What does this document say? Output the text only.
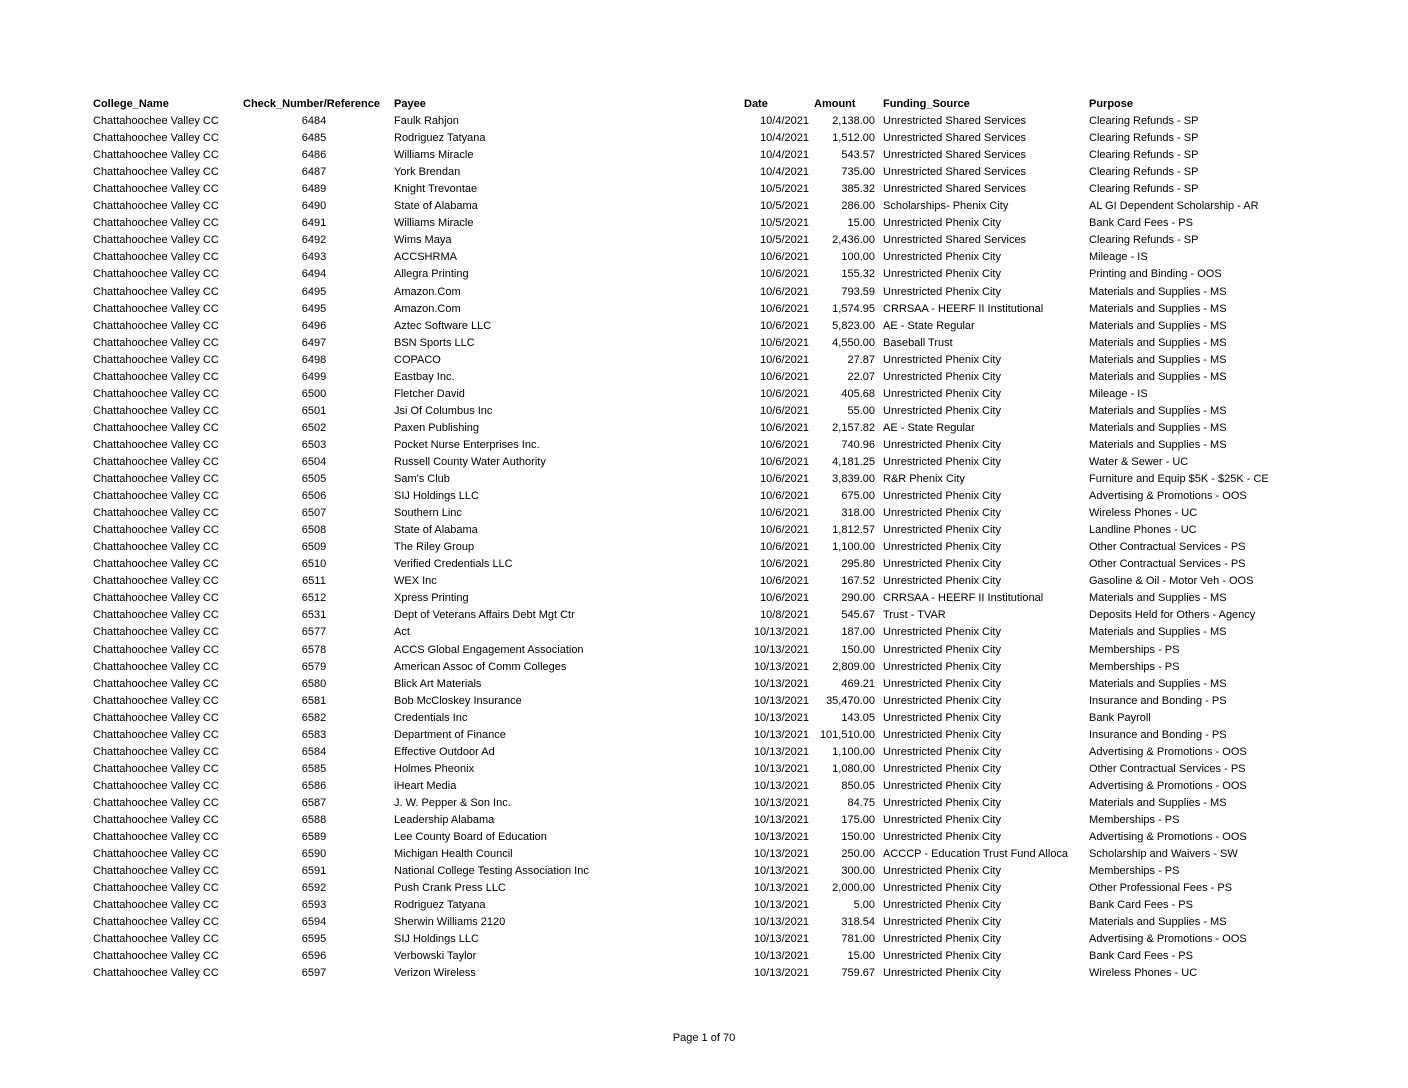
College_Name	Check_Number/Reference	Payee	Date	Amount	Funding_Source	Purpose
Chattahoochee Valley CC	6484	Faulk Rahjon	10/4/2021	2,138.00 Unrestricted Shared Services	Clearing Refunds - SP
Chattahoochee Valley CC	6485	Rodriguez Tatyana	10/4/2021	1,512.00 Unrestricted Shared Services	Clearing Refunds - SP
Chattahoochee Valley CC	6486	Williams Miracle	10/4/2021	543.57 Unrestricted Shared Services	Clearing Refunds - SP
Chattahoochee Valley CC	6487	York Brendan	10/4/2021	735.00 Unrestricted Shared Services	Clearing Refunds - SP
Chattahoochee Valley CC	6489	Knight Trevontae	10/5/2021	385.32 Unrestricted Shared Services	Clearing Refunds - SP
Chattahoochee Valley CC	6490	State of Alabama	10/5/2021	286.00 Scholarships- Phenix City	AL GI Dependent Scholarship - AR
Chattahoochee Valley CC	6491	Williams Miracle	10/5/2021	15.00 Unrestricted Phenix City	Bank Card Fees - PS
Chattahoochee Valley CC	6492	Wims Maya	10/5/2021	2,436.00 Unrestricted Shared Services	Clearing Refunds - SP
Chattahoochee Valley CC	6493	ACCSHRMA	10/6/2021	100.00 Unrestricted Phenix City	Mileage - IS
Chattahoochee Valley CC	6494	Allegra Printing	10/6/2021	155.32 Unrestricted Phenix City	Printing and Binding - OOS
Chattahoochee Valley CC	6495	Amazon.Com	10/6/2021	793.59 Unrestricted Phenix City	Materials and Supplies - MS
Chattahoochee Valley CC	6495	Amazon.Com	10/6/2021	1,574.95 CRRSAA - HEERF II Institutional	Materials and Supplies - MS
Chattahoochee Valley CC	6496	Aztec Software LLC	10/6/2021	5,823.00 AE - State Regular	Materials and Supplies - MS
Chattahoochee Valley CC	6497	BSN Sports LLC	10/6/2021	4,550.00 Baseball Trust	Materials and Supplies - MS
Chattahoochee Valley CC	6498	COPACO	10/6/2021	27.87 Unrestricted Phenix City	Materials and Supplies - MS
Chattahoochee Valley CC	6499	Eastbay Inc.	10/6/2021	22.07 Unrestricted Phenix City	Materials and Supplies - MS
Chattahoochee Valley CC	6500	Fletcher David	10/6/2021	405.68 Unrestricted Phenix City	Mileage - IS
Chattahoochee Valley CC	6501	Jsi Of Columbus Inc	10/6/2021	55.00 Unrestricted Phenix City	Materials and Supplies - MS
Chattahoochee Valley CC	6502	Paxen Publishing	10/6/2021	2,157.82 AE - State Regular	Materials and Supplies - MS
Chattahoochee Valley CC	6503	Pocket Nurse Enterprises Inc.	10/6/2021	740.96 Unrestricted Phenix City	Materials and Supplies - MS
Chattahoochee Valley CC	6504	Russell County Water Authority	10/6/2021	4,181.25 Unrestricted Phenix City	Water & Sewer - UC
Chattahoochee Valley CC	6505	Sam's Club	10/6/2021	3,839.00 R&R Phenix City	Furniture and Equip $5K - $25K - CE
Chattahoochee Valley CC	6506	SIJ Holdings LLC	10/6/2021	675.00 Unrestricted Phenix City	Advertising & Promotions - OOS
Chattahoochee Valley CC	6507	Southern Linc	10/6/2021	318.00 Unrestricted Phenix City	Wireless Phones - UC
Chattahoochee Valley CC	6508	State of Alabama	10/6/2021	1,812.57 Unrestricted Phenix City	Landline Phones - UC
Chattahoochee Valley CC	6509	The Riley Group	10/6/2021	1,100.00 Unrestricted Phenix City	Other Contractual Services - PS
Chattahoochee Valley CC	6510	Verified Credentials LLC	10/6/2021	295.80 Unrestricted Phenix City	Other Contractual Services - PS
Chattahoochee Valley CC	6511	WEX Inc	10/6/2021	167.52 Unrestricted Phenix City	Gasoline & Oil - Motor Veh - OOS
Chattahoochee Valley CC	6512	Xpress Printing	10/6/2021	290.00 CRRSAA - HEERF II Institutional	Materials and Supplies - MS
Chattahoochee Valley CC	6531	Dept of Veterans Affairs Debt Mgt Ctr	10/8/2021	545.67 Trust - TVAR	Deposits Held for Others - Agency
Chattahoochee Valley CC	6577	Act	10/13/2021	187.00 Unrestricted Phenix City	Materials and Supplies - MS
Chattahoochee Valley CC	6578	ACCS Global Engagement Association	10/13/2021	150.00 Unrestricted Phenix City	Memberships - PS
Chattahoochee Valley CC	6579	American Assoc of Comm Colleges	10/13/2021	2,809.00 Unrestricted Phenix City	Memberships - PS
Chattahoochee Valley CC	6580	Blick Art Materials	10/13/2021	469.21 Unrestricted Phenix City	Materials and Supplies - MS
Chattahoochee Valley CC	6581	Bob McCloskey Insurance	10/13/2021	35,470.00 Unrestricted Phenix City	Insurance and Bonding - PS
Chattahoochee Valley CC	6582	Credentials Inc	10/13/2021	143.05 Unrestricted Phenix City	Bank Payroll
Chattahoochee Valley CC	6583	Department of Finance	10/13/2021 101,510.00 Unrestricted Phenix City	Insurance and Bonding - PS
Chattahoochee Valley CC	6584	Effective Outdoor Ad	10/13/2021	1,100.00 Unrestricted Phenix City	Advertising & Promotions - OOS
Chattahoochee Valley CC	6585	Holmes Pheonix	10/13/2021	1,080.00 Unrestricted Phenix City	Other Contractual Services - PS
Chattahoochee Valley CC	6586	iHeart Media	10/13/2021	850.05 Unrestricted Phenix City	Advertising & Promotions - OOS
Chattahoochee Valley CC	6587	J. W. Pepper & Son Inc.	10/13/2021	84.75 Unrestricted Phenix City	Materials and Supplies - MS
Chattahoochee Valley CC	6588	Leadership Alabama	10/13/2021	175.00 Unrestricted Phenix City	Memberships - PS
Chattahoochee Valley CC	6589	Lee County Board of Education	10/13/2021	150.00 Unrestricted Phenix City	Advertising & Promotions - OOS
Chattahoochee Valley CC	6590	Michigan Health Council	10/13/2021	250.00 ACCCP - Education Trust Fund Alloca	Scholarship and Waivers - SW
Chattahoochee Valley CC	6591	National College Testing Association Inc	10/13/2021	300.00 Unrestricted Phenix City	Memberships - PS
Chattahoochee Valley CC	6592	Push Crank Press LLC	10/13/2021	2,000.00 Unrestricted Phenix City	Other Professional Fees - PS
Chattahoochee Valley CC	6593	Rodriguez Tatyana	10/13/2021	5.00 Unrestricted Phenix City	Bank Card Fees - PS
Chattahoochee Valley CC	6594	Sherwin Williams 2120	10/13/2021	318.54 Unrestricted Phenix City	Materials and Supplies - MS
Chattahoochee Valley CC	6595	SIJ Holdings LLC	10/13/2021	781.00 Unrestricted Phenix City	Advertising & Promotions - OOS
Chattahoochee Valley CC	6596	Verbowski Taylor	10/13/2021	15.00 Unrestricted Phenix City	Bank Card Fees - PS
Chattahoochee Valley CC	6597	Verizon Wireless	10/13/2021	759.67 Unrestricted Phenix City	Wireless Phones - UC
Page 1 of 70
